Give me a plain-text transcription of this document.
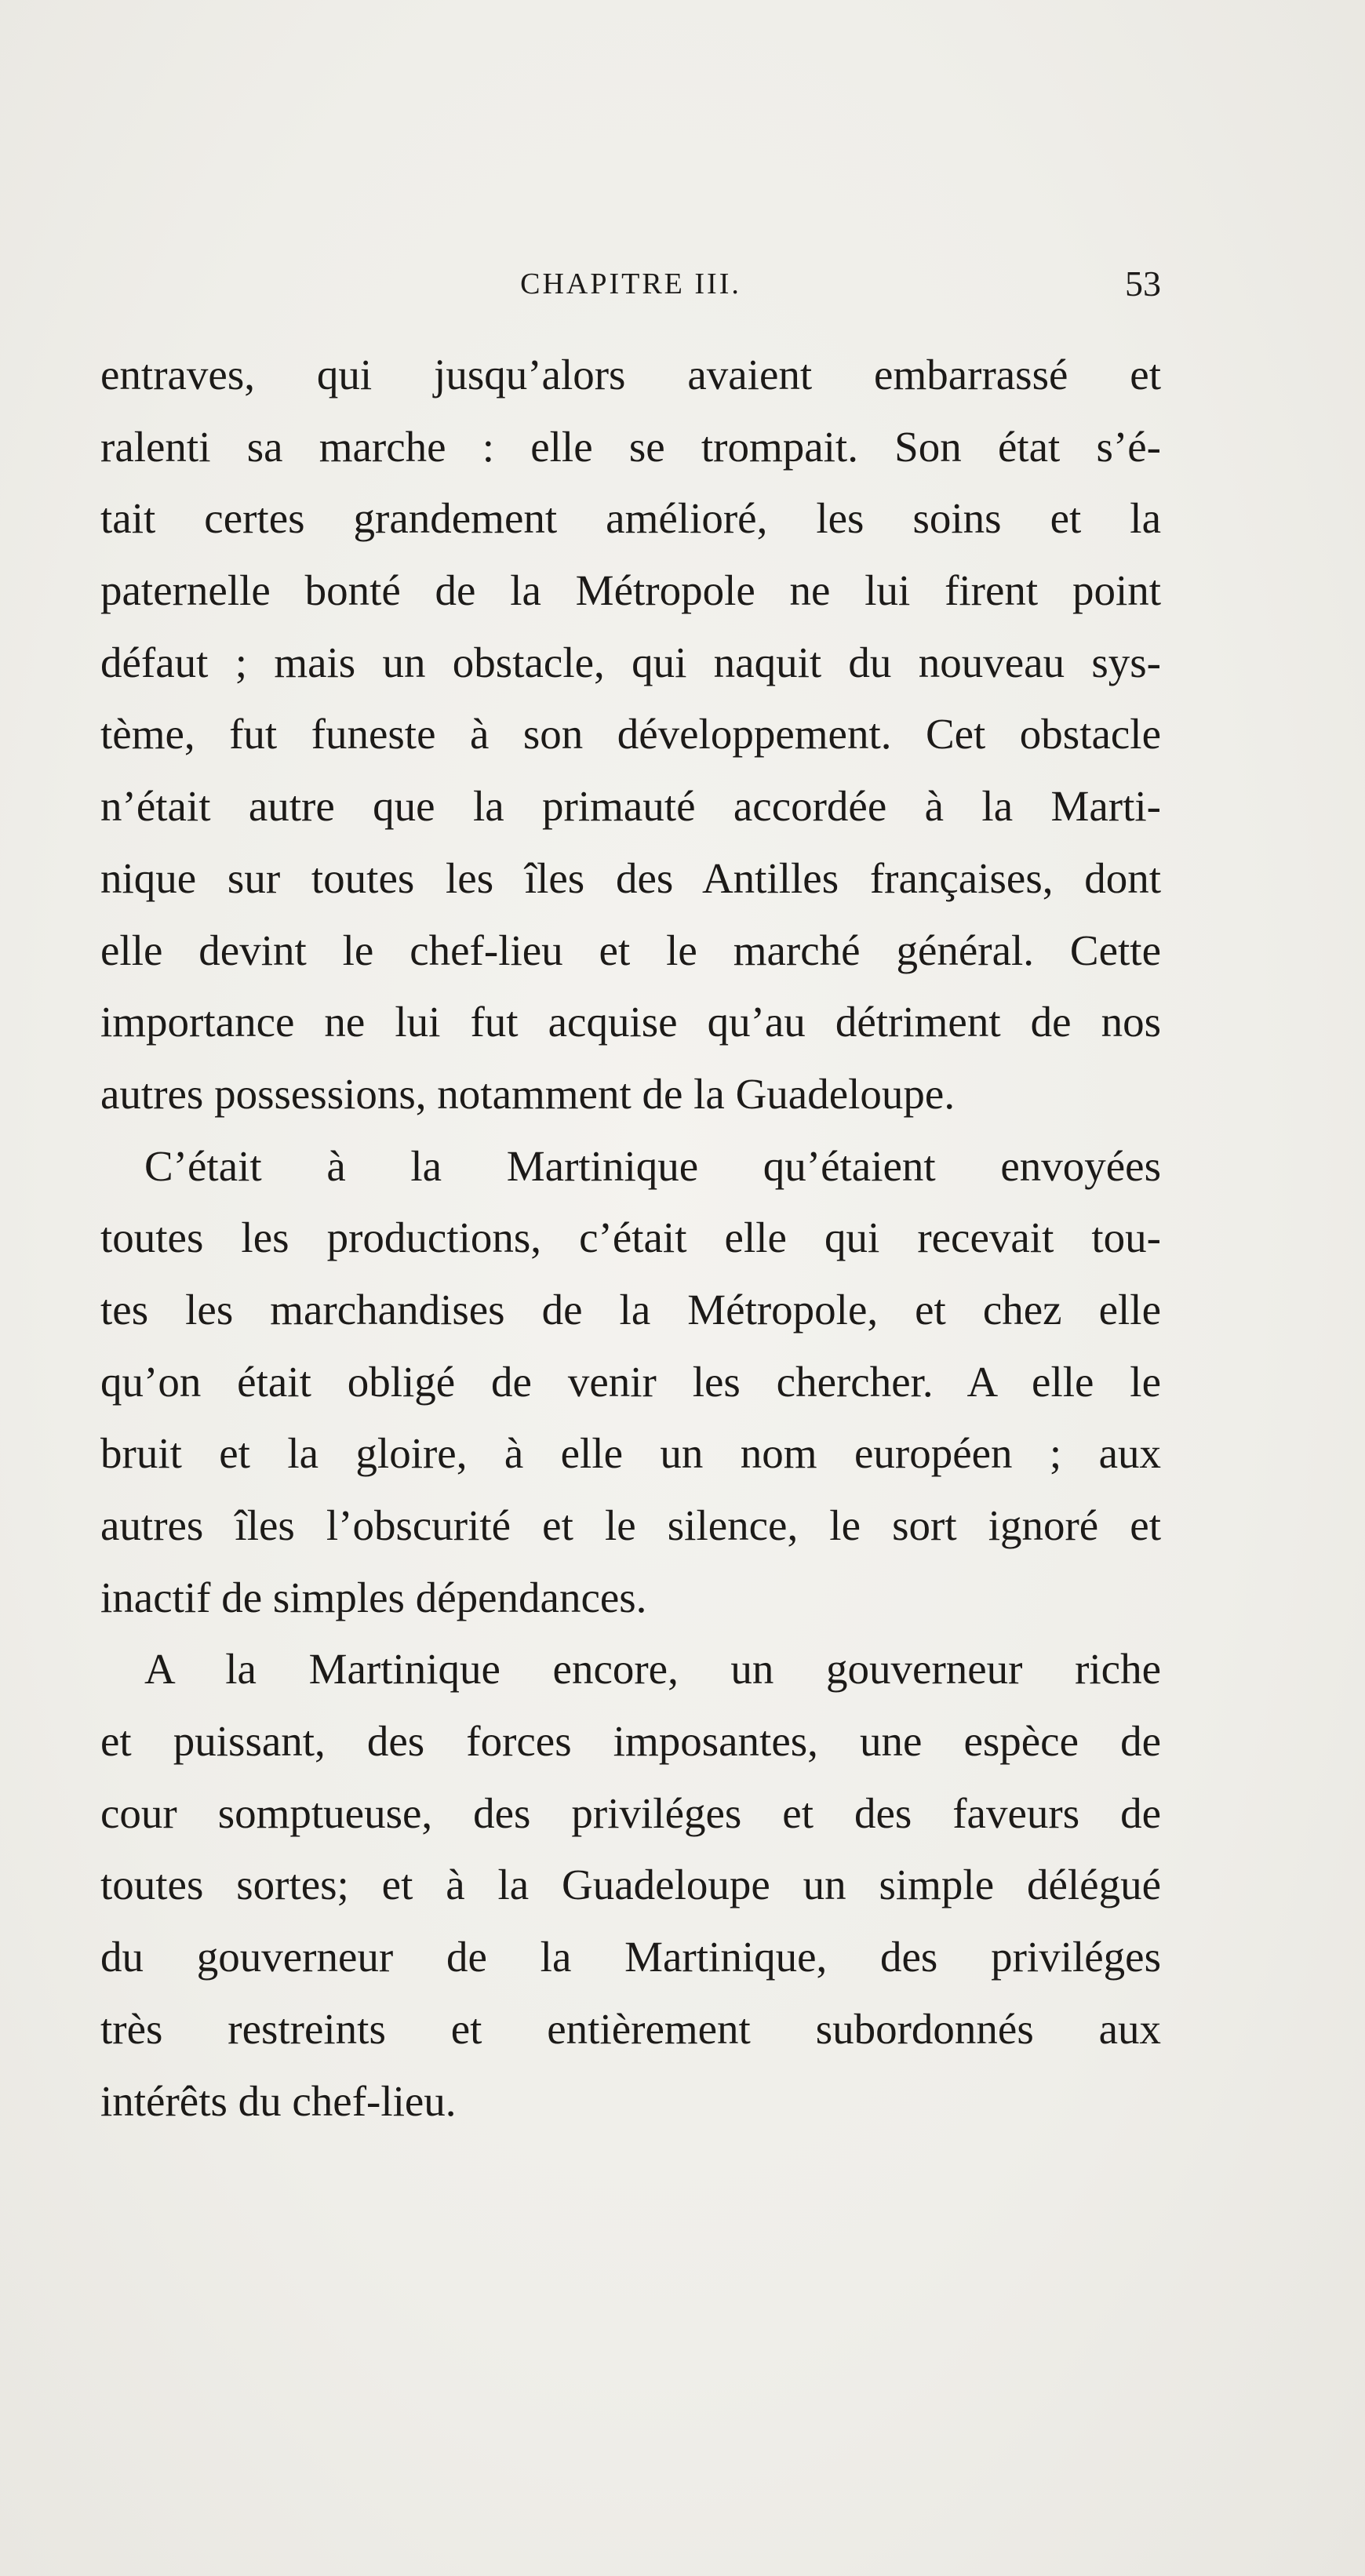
CHAPITRE III.	53
entraves, qui jusqu’alors avaient embarrassé et
ralenti sa marche : elle se trompait. Son état s’é-
tait certes grandement amélioré, les soins et la
paternelle bonté de la Métropole ne lui firent point
défaut ; mais un obstacle, qui naquit du nouveau sys-
tème, fut funeste à son développement. Cet obstacle
n’était autre que la primauté accordée à la Marti-
nique sur toutes les îles des Antilles françaises, dont
elle devint le chef-lieu et le marché général. Cette
importance ne lui fut acquise qu’au détriment de nos
autres possessions, notamment de la Guadeloupe.
C’était à la Martinique qu’étaient envoyées
toutes les productions, c’était elle qui recevait tou-
tes les marchandises de la Métropole, et chez elle
qu’on était obligé de venir les chercher. A elle le
bruit et la gloire, à elle un nom européen ; aux
autres îles l’obscurité et le silence, le sort ignoré et
inactif de simples dépendances.
A la Martinique encore, un gouverneur riche
et puissant, des forces imposantes, une espèce de
cour somptueuse, des priviléges et des faveurs de
toutes sortes; et à la Guadeloupe un simple délégué
du gouverneur de la Martinique, des priviléges
très restreints et entièrement subordonnés aux
intérêts du chef-lieu.
